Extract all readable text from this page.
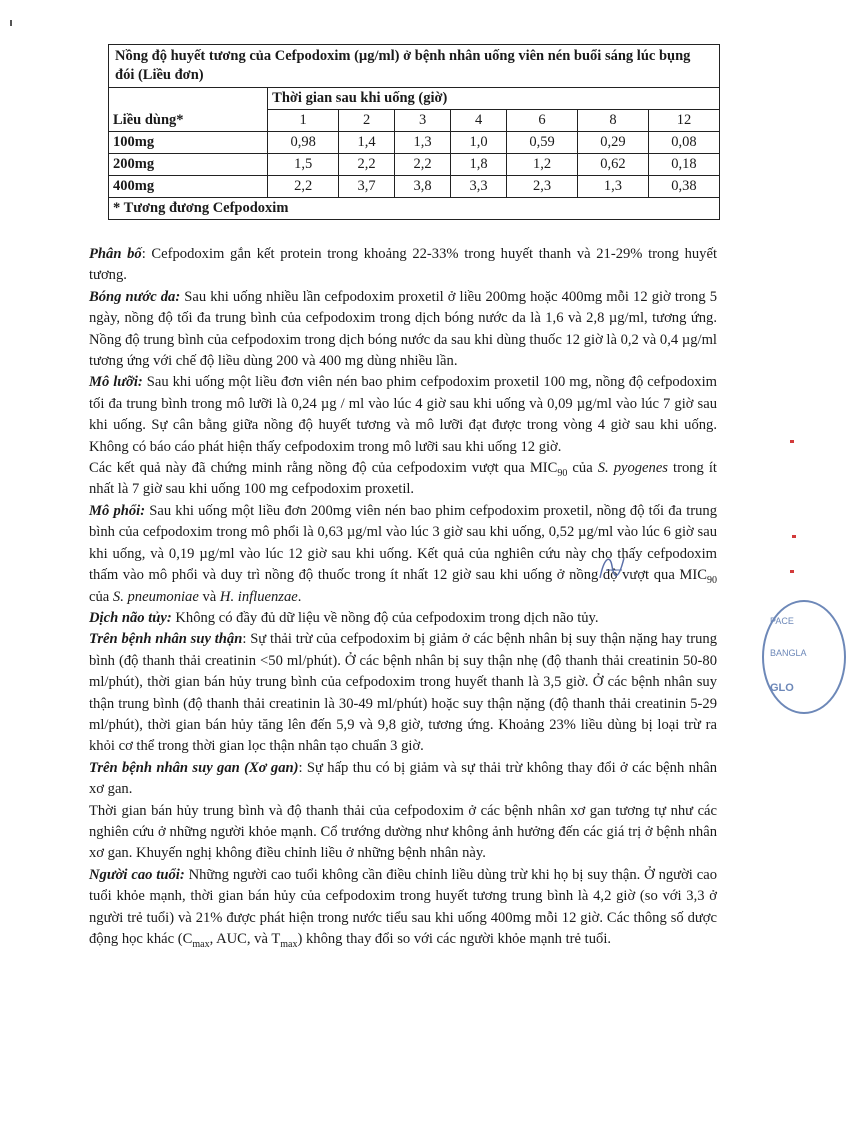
Nồng độ huyết tương của Cefpodoxim (µg/ml) ở bệnh nhân uống viên nén buổi sáng lúc bụng đói (Liều đơn)							
	Thời gian sau khi uống (giờ)						
Liều dùng*	1	2	3	4	6	8	12
100mg	0,98	1,4	1,3	1,0	0,59	0,29	0,08
200mg	1,5	2,2	2,2	1,8	1,2	0,62	0,18
400mg	2,2	3,7	3,8	3,3	2,3	1,3	0,38
* Tương đương Cefpodoxim							

Phân bố: Cefpodoxim gắn kết protein trong khoảng 22-33% trong huyết thanh và 21-29% trong huyết tương.

Bóng nước da: Sau khi uống nhiều lần cefpodoxim proxetil ở liều 200mg hoặc 400mg mỗi 12 giờ trong 5 ngày, nồng độ tối đa trung bình của cefpodoxim trong dịch bóng nước da là 1,6 và 2,8 µg/ml, tương ứng. Nồng độ trung bình của cefpodoxim trong dịch bóng nước da sau khi dùng thuốc 12 giờ là 0,2 và 0,4 µg/ml tương ứng với chế độ liều dùng 200 và 400 mg dùng nhiều lần.

Mô lưỡi: Sau khi uống một liều đơn viên nén bao phim cefpodoxim proxetil 100 mg, nồng độ cefpodoxim tối đa trung bình trong mô lưỡi là 0,24 µg / ml vào lúc 4 giờ sau khi uống và 0,09 µg/ml vào lúc 7 giờ sau khi uống. Sự cân bằng giữa nồng độ huyết tương và mô lưỡi đạt được trong vòng 4 giờ sau khi uống. Không có báo cáo phát hiện thấy cefpodoxim trong mô lưỡi sau khi uống 12 giờ.

Các kết quả này đã chứng minh rằng nồng độ của cefpodoxim vượt qua $MIC_{90}$ của S. pyogenes trong ít nhất là 7 giờ sau khi uống 100 mg cefpodoxim proxetil.

Mô phổi: Sau khi uống một liều đơn 200mg viên nén bao phim cefpodoxim proxetil, nồng độ tối đa trung bình của cefpodoxim trong mô phổi là 0,63 µg/ml vào lúc 3 giờ sau khi uống, 0,52 µg/ml vào lúc 6 giờ sau khi uống, và 0,19 µg/ml vào lúc 12 giờ sau khi uống. Kết quả của nghiên cứu này cho thấy cefpodoxim thấm vào mô phổi và duy trì nồng độ thuốc trong ít nhất 12 giờ sau khi uống ở nồng độ vượt qua $MIC_{90}$ của S. pneumoniae và H. influenzae.

Dịch não tủy: Không có đầy đủ dữ liệu về nồng độ của cefpodoxim trong dịch não tủy.

Trên bệnh nhân suy thận: Sự thải trừ của cefpodoxim bị giảm ở các bệnh nhân bị suy thận nặng hay trung bình (độ thanh thải creatinin <50 ml/phút). Ở các bệnh nhân bị suy thận nhẹ (độ thanh thải creatinin 50-80 ml/phút), thời gian bán hủy trung bình của cefpodoxim trong huyết thanh là 3,5 giờ. Ở các bệnh nhân suy thận trung bình (độ thanh thải creatinin là 30-49 ml/phút) hoặc suy thận nặng (độ thanh thải creatinin 5-29 ml/phút), thời gian bán hủy tăng lên đến 5,9 và 9,8 giờ, tương ứng. Khoảng 23% liều dùng bị loại trừ ra khỏi cơ thể trong thời gian lọc thận nhân tạo chuẩn 3 giờ.

Trên bệnh nhân suy gan (Xơ gan): Sự hấp thu có bị giảm và sự thải trừ không thay đổi ở các bệnh nhân xơ gan.

Thời gian bán hủy trung bình và độ thanh thải của cefpodoxim ở các bệnh nhân xơ gan tương tự như các nghiên cứu ở những người khỏe mạnh. Cổ trướng dường như không ảnh hưởng đến các giá trị ở bệnh nhân xơ gan. Khuyến nghị không điều chỉnh liều ở những bệnh nhân này.

Người cao tuổi: Những người cao tuổi không cần điều chỉnh liều dùng trừ khi họ bị suy thận. Ở người cao tuổi khỏe mạnh, thời gian bán hủy của cefpodoxim trong huyết tương trung bình là 4,2 giờ (so với 3,3 ở người trẻ tuổi) và 21% được phát hiện trong nước tiểu sau khi uống 400mg mỗi 12 giờ. Các thông số dược động học khác ($C_{max}$, AUC, và $T_{max}$) không thay đổi so với các người khỏe mạnh trẻ tuổi.

PACE
BANGLA
GLO
